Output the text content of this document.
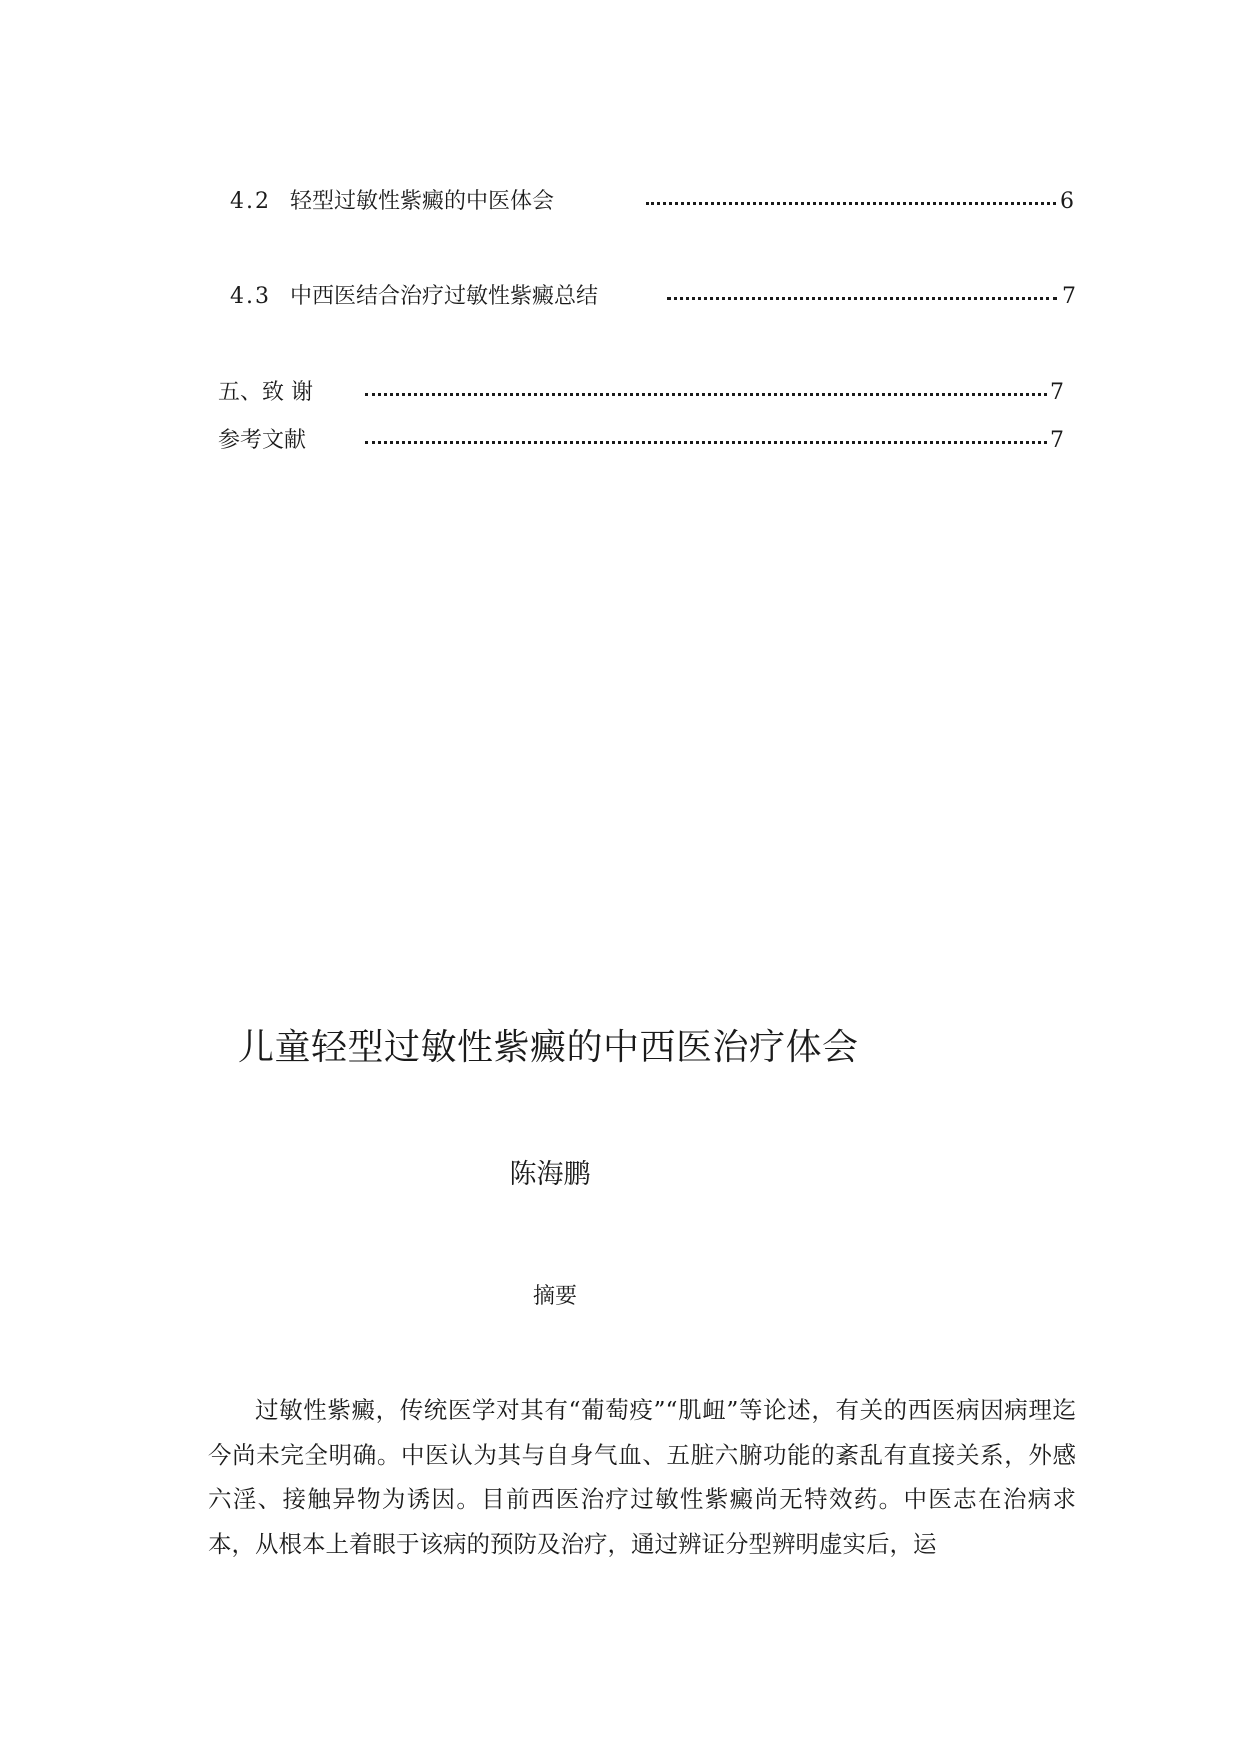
4.2 轻型过敏性紫癜的中医体会	6
4.3 中西医结合治疗过敏性紫癜总结	7
五、致 谢	7
参考文献	7
儿童轻型过敏性紫癜的中西医治疗体会
陈海鹏
摘要

过敏性紫癜，传统医学对其有“葡萄疫”“肌衄”等论述，有关的西医病因病理迄今尚未完全明确。中医认为其与自身气血、五脏六腑功能的紊乱有直接关系，外感六淫、接触异物为诱因。目前西医治疗过敏性紫癜尚无特效药。中医志在治病求本，从根本上着眼于该病的预防及治疗，通过辨证分型辨明虚实后，运
